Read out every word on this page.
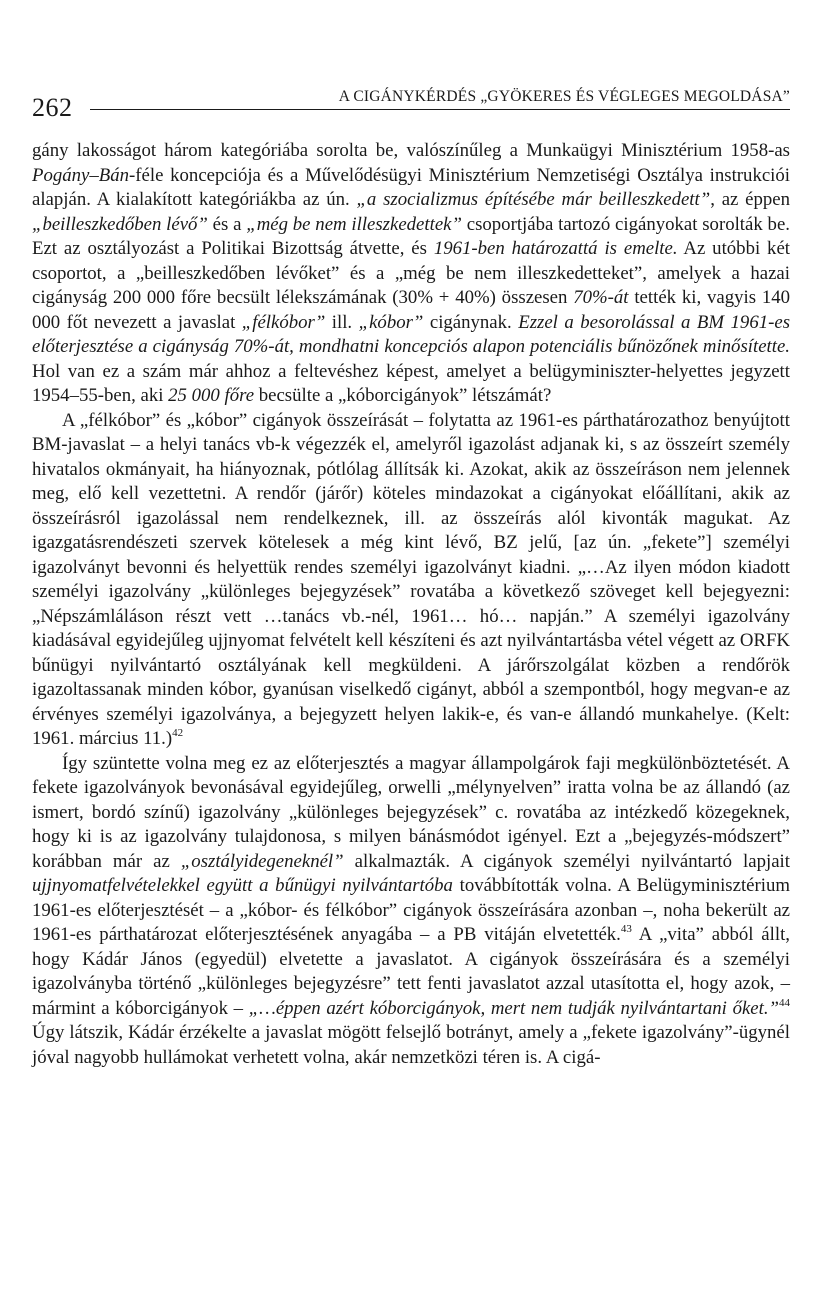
262	A CIGÁNYKÉRDÉS „GYÖKERES ÉS VÉGLEGES MEGOLDÁSA”

gány lakosságot három kategóriába sorolta be, valószínűleg a Munkaügyi Minisztérium 1958-as Pogány–Bán-féle koncepciója és a Művelődésügyi Minisztérium Nemzetiségi Osztálya instrukciói alapján. A kialakított kategóriákba az ún. „a szocializmus építésébe már beilleszkedett”, az éppen „beilleszkedőben lévő” és a „még be nem illeszkedettek” csoportjába tartozó cigányokat sorolták be. Ezt az osztályozást a Politikai Bizottság átvette, és 1961-ben határozattá is emelte. Az utóbbi két csoportot, a „beilleszkedőben lévőket” és a „még be nem illeszkedetteket”, amelyek a hazai cigányság 200 000 főre becsült lélekszámának (30% + 40%) összesen 70%-át tették ki, vagyis 140 000 főt nevezett a javaslat „félkóbor” ill. „kóbor” cigánynak. Ezzel a besorolással a BM 1961-es előterjesztése a cigányság 70%-át, mondhatni koncepciós alapon potenciális bűnözőnek minősítette. Hol van ez a szám már ahhoz a feltevéshez képest, amelyet a belügyminiszter-helyettes jegyzett 1954–55-ben, aki 25 000 főre becsülte a „kóborcigányok” létszámát?

A „félkóbor” és „kóbor” cigányok összeírását – folytatta az 1961-es párthatározathoz benyújtott BM-javaslat – a helyi tanács vb-k végezzék el, amelyről igazolást adjanak ki, s az összeírt személy hivatalos okmányait, ha hiányoznak, pótlólag állítsák ki. Azokat, akik az összeíráson nem jelennek meg, elő kell vezettetni. A rendőr (járőr) köteles mindazokat a cigányokat előállítani, akik az összeírásról igazolással nem rendelkeznek, ill. az összeírás alól kivonták magukat. Az igazgatásrendészeti szervek kötelesek a még kint lévő, BZ jelű, [az ún. „fekete”] személyi igazolványt bevonni és helyettük rendes személyi igazolványt kiadni. „…Az ilyen módon kiadott személyi igazolvány „különleges bejegyzések” rovatába a következő szöveget kell bejegyezni: „Népszámláláson részt vett …tanács vb.-nél, 1961… hó… napján.” A személyi igazolvány kiadásával egyidejűleg ujjnyomat felvételt kell készíteni és azt nyilvántartásba vétel végett az ORFK bűnügyi nyilvántartó osztályának kell megküldeni. A járőrszolgálat közben a rendőrök igazoltassanak minden kóbor, gyanúsan viselkedő cigányt, abból a szempontból, hogy megvan-e az érvényes személyi igazolványa, a bejegyzett helyen lakik-e, és van-e állandó munkahelye. (Kelt: 1961. március 11.)$^{42}$

Így szüntette volna meg ez az előterjesztés a magyar állampolgárok faji megkülönböztetését. A fekete igazolványok bevonásával egyidejűleg, orwelli „mélynyelven” iratta volna be az állandó (az ismert, bordó színű) igazolvány „különleges bejegyzések” c. rovatába az intézkedő közegeknek, hogy ki is az igazolvány tulajdonosa, s milyen bánásmódot igényel. Ezt a „bejegyzés-módszert” korábban már az „osztályidegeneknél” alkalmazták. A cigányok személyi nyilvántartó lapjait ujjnyomatfelvételekkel együtt a bűnügyi nyilvántartóba továbbították volna. A Belügyminisztérium 1961-es előterjesztését – a „kóbor- és félkóbor” cigányok összeírására azonban –, noha bekerült az 1961-es párthatározat előterjesztésének anyagába – a PB vitáján elvetették.$^{43}$ A „vita” abból állt, hogy Kádár János (egyedül) elvetette a javaslatot. A cigányok összeírására és a személyi igazolványba történő „különleges bejegyzésre” tett fenti javaslatot azzal utasította el, hogy azok, – mármint a kóborcigányok – „…éppen azért kóborcigányok, mert nem tudják nyilvántartani őket.”$^{44}$ Úgy látszik, Kádár érzékelte a javaslat mögött felsejlő botrányt, amely a „fekete igazolvány”-ügynél jóval nagyobb hullámokat verhetett volna, akár nemzetközi téren is. A cigá-
